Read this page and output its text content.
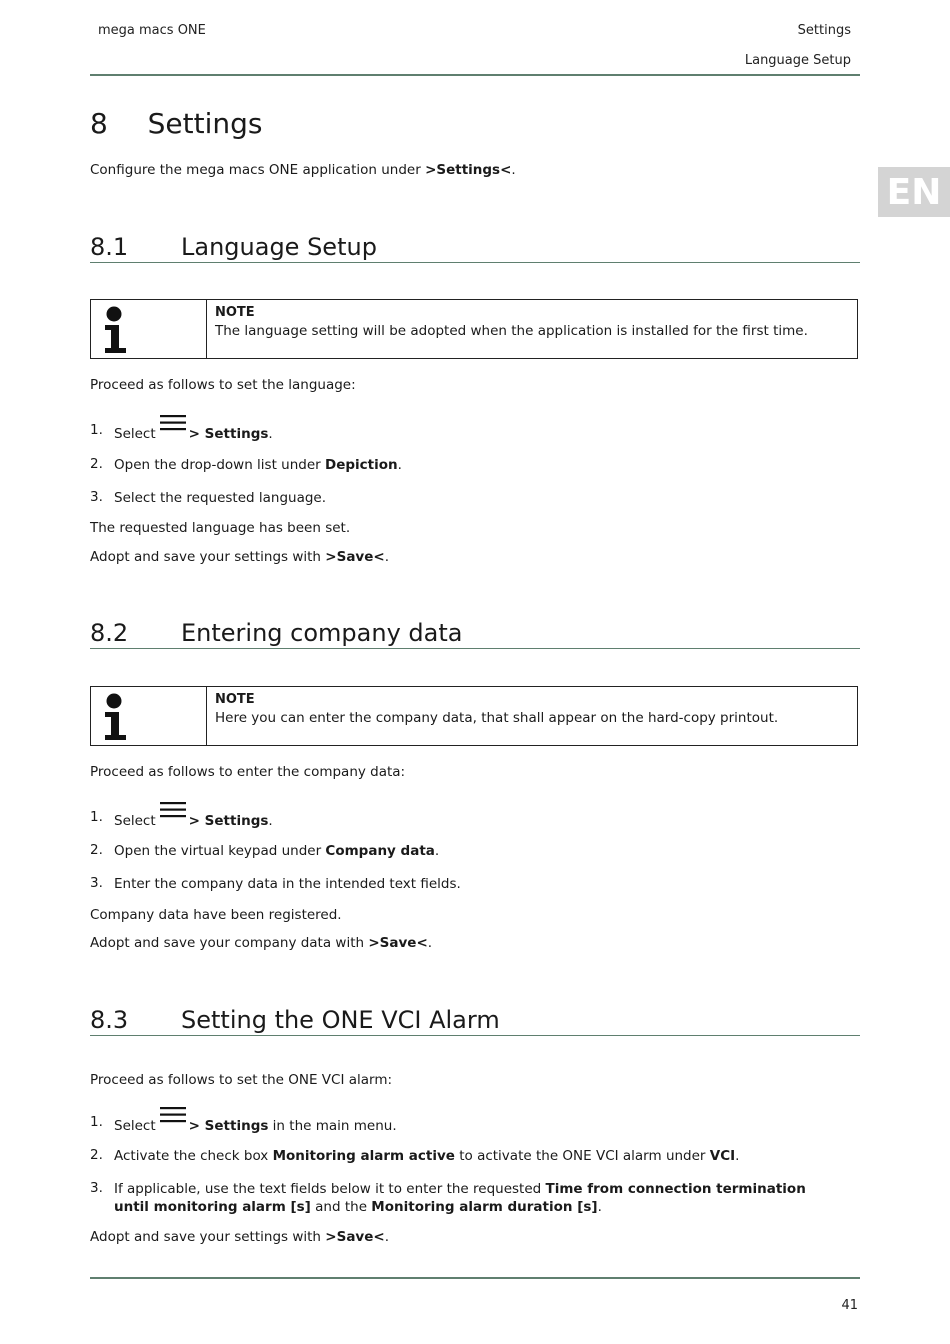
mega macs ONE	Settings
Language Setup
EN
8 Settings
Configure the mega macs ONE application under >Settings<.
8.1 Language Setup
NOTE
The language setting will be adopted when the application is installed for the first time.
Proceed as follows to set the language:
1. Select > Settings.
2. Open the drop-down list under Depiction.
3. Select the requested language.
The requested language has been set.
Adopt and save your settings with >Save<.
8.2 Entering company data
NOTE
Here you can enter the company data, that shall appear on the hard-copy printout.
Proceed as follows to enter the company data:
1. Select > Settings.
2. Open the virtual keypad under Company data.
3. Enter the company data in the intended text fields.
Company data have been registered.
Adopt and save your company data with >Save<.
8.3 Setting the ONE VCI Alarm
Proceed as follows to set the ONE VCI alarm:
1. Select > Settings in the main menu.
2. Activate the check box Monitoring alarm active to activate the ONE VCI alarm under VCI.
3. If applicable, use the text fields below it to enter the requested Time from connection termination until monitoring alarm [s] and the Monitoring alarm duration [s].
Adopt and save your settings with >Save<.
41
